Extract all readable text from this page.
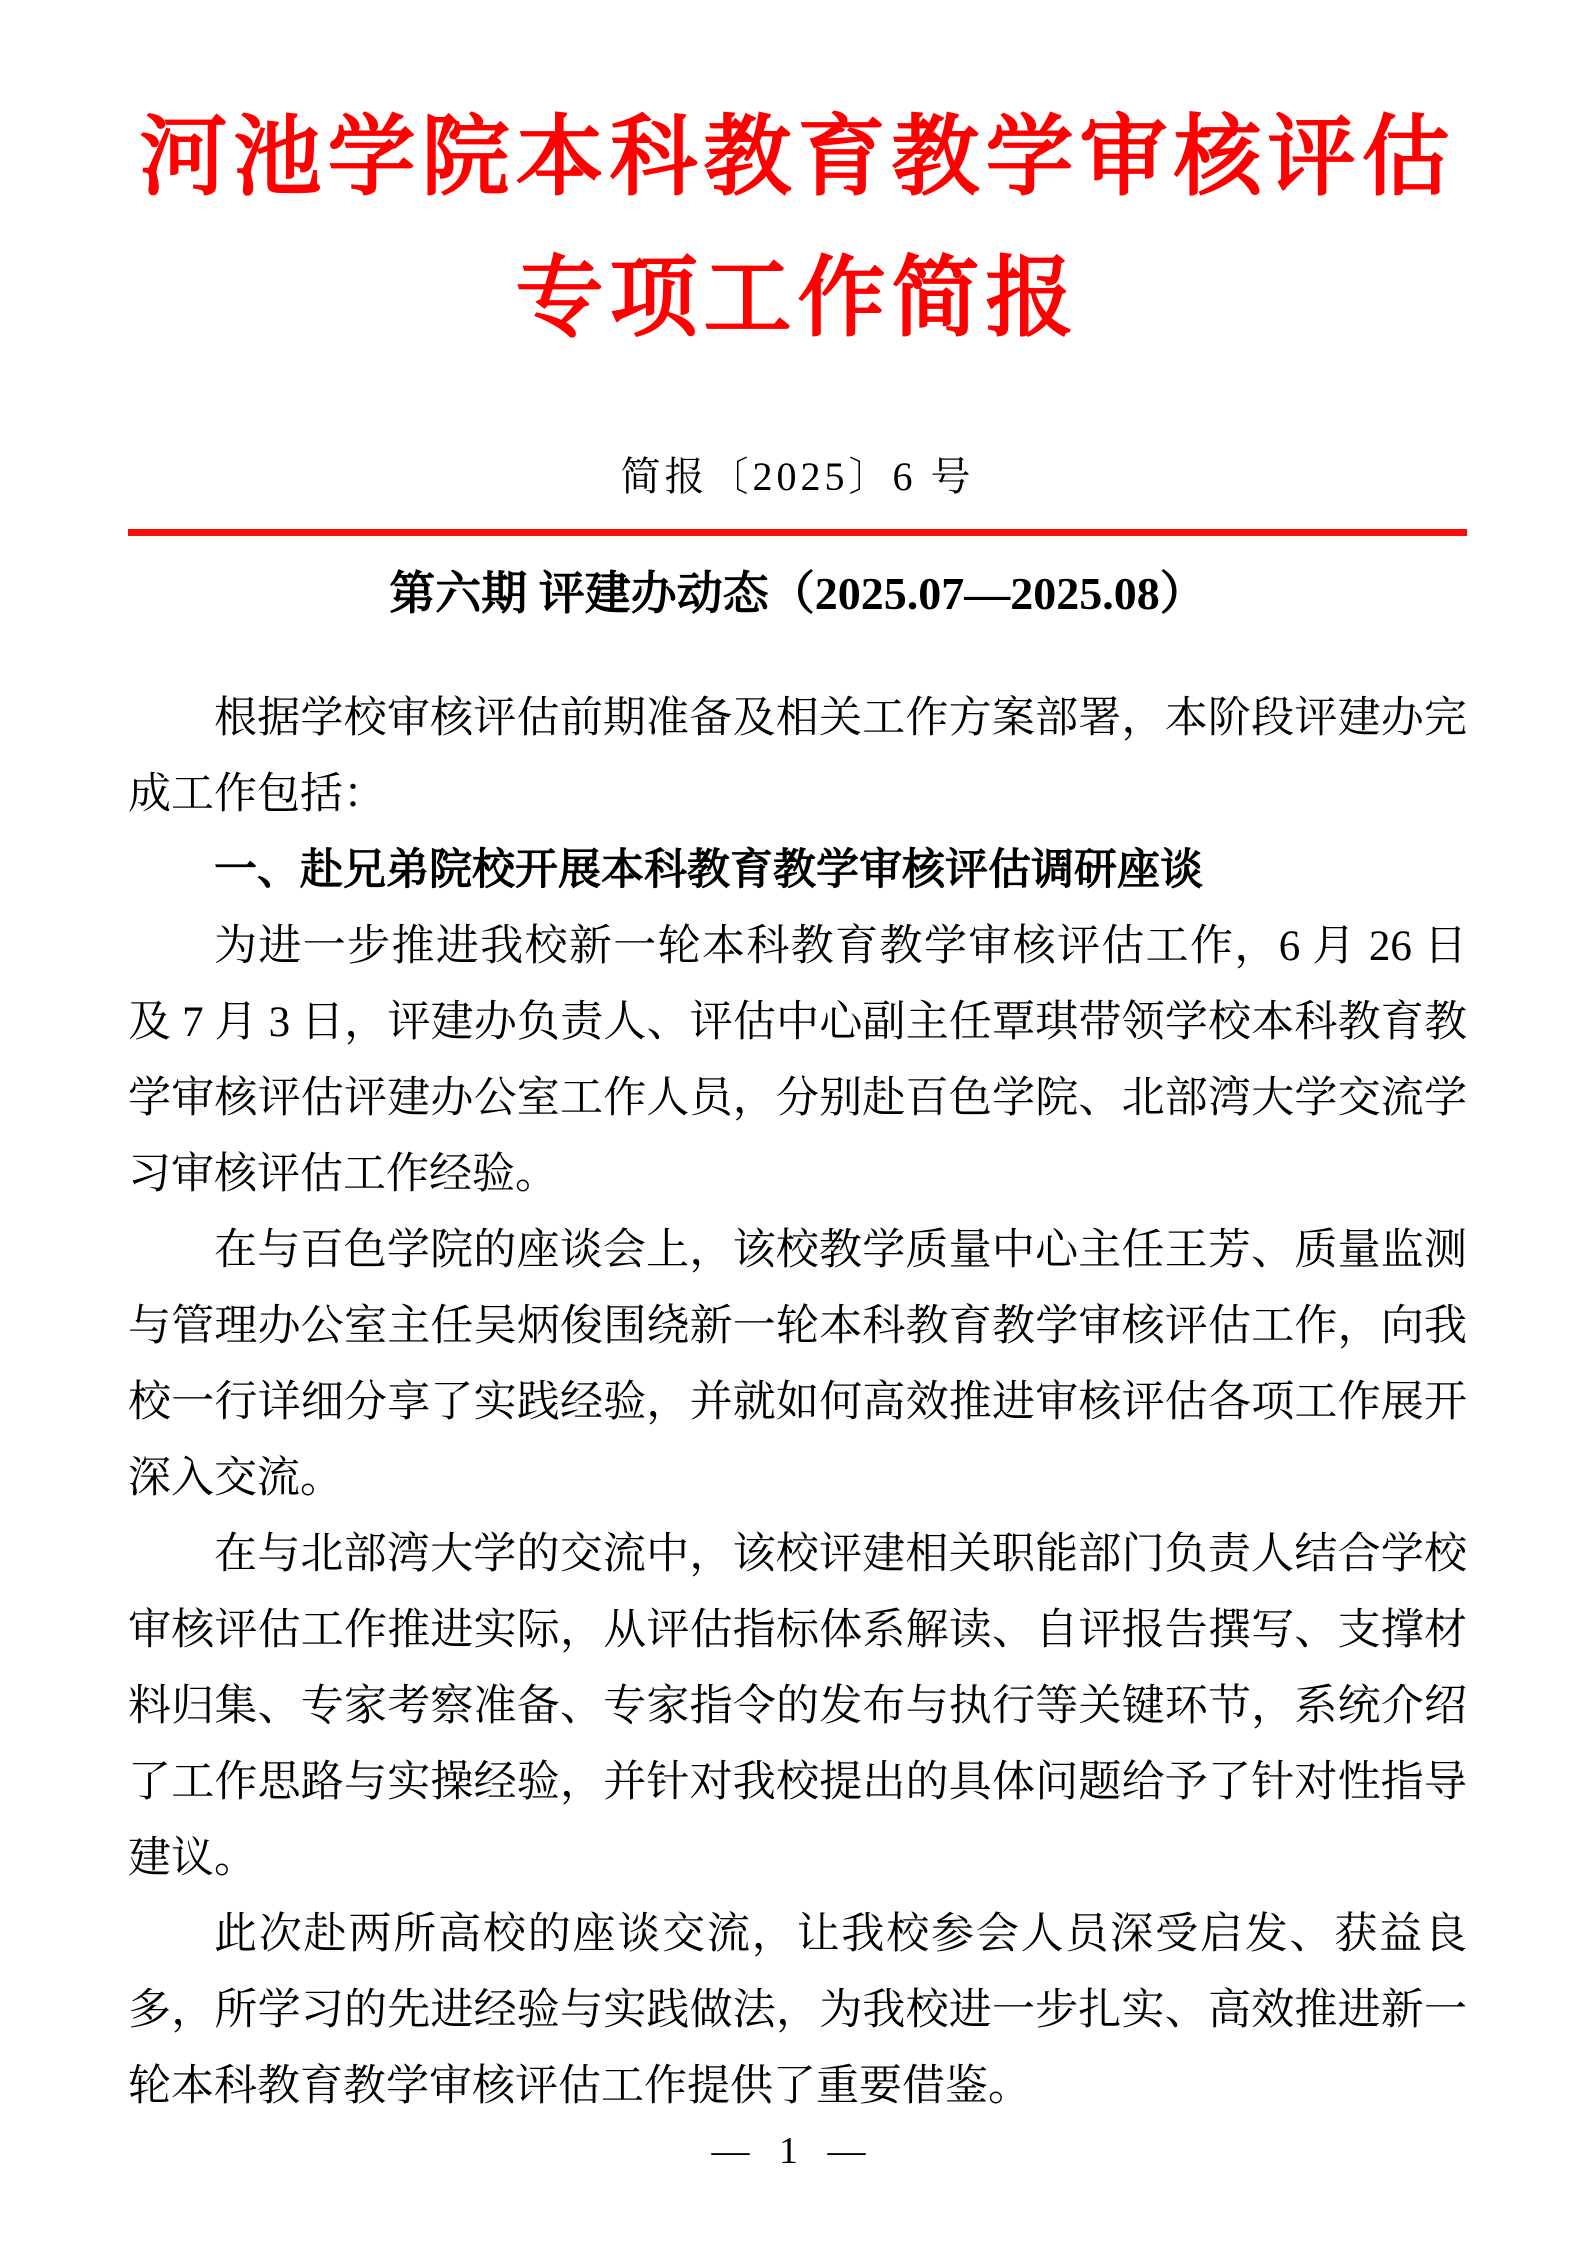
河池学院本科教育教学审核评估
专项工作简报
简报〔2025〕6 号
第六期 评建办动态（2025.07—2025.08）

根据学校审核评估前期准备及相关工作方案部署，本阶段评建办完成工作包括：

一、赴兄弟院校开展本科教育教学审核评估调研座谈

为进一步推进我校新一轮本科教育教学审核评估工作，6 月 26 日及 7 月 3 日，评建办负责人、评估中心副主任覃琪带领学校本科教育教学审核评估评建办公室工作人员，分别赴百色学院、北部湾大学交流学习审核评估工作经验。

在与百色学院的座谈会上，该校教学质量中心主任王芳、质量监测与管理办公室主任吴炳俊围绕新一轮本科教育教学审核评估工作，向我校一行详细分享了实践经验，并就如何高效推进审核评估各项工作展开深入交流。

在与北部湾大学的交流中，该校评建相关职能部门负责人结合学校审核评估工作推进实际，从评估指标体系解读、自评报告撰写、支撑材料归集、专家考察准备、专家指令的发布与执行等关键环节，系统介绍了工作思路与实操经验，并针对我校提出的具体问题给予了针对性指导建议。

此次赴两所高校的座谈交流，让我校参会人员深受启发、获益良多，所学习的先进经验与实践做法，为我校进一步扎实、高效推进新一轮本科教育教学审核评估工作提供了重要借鉴。

— 1 —
